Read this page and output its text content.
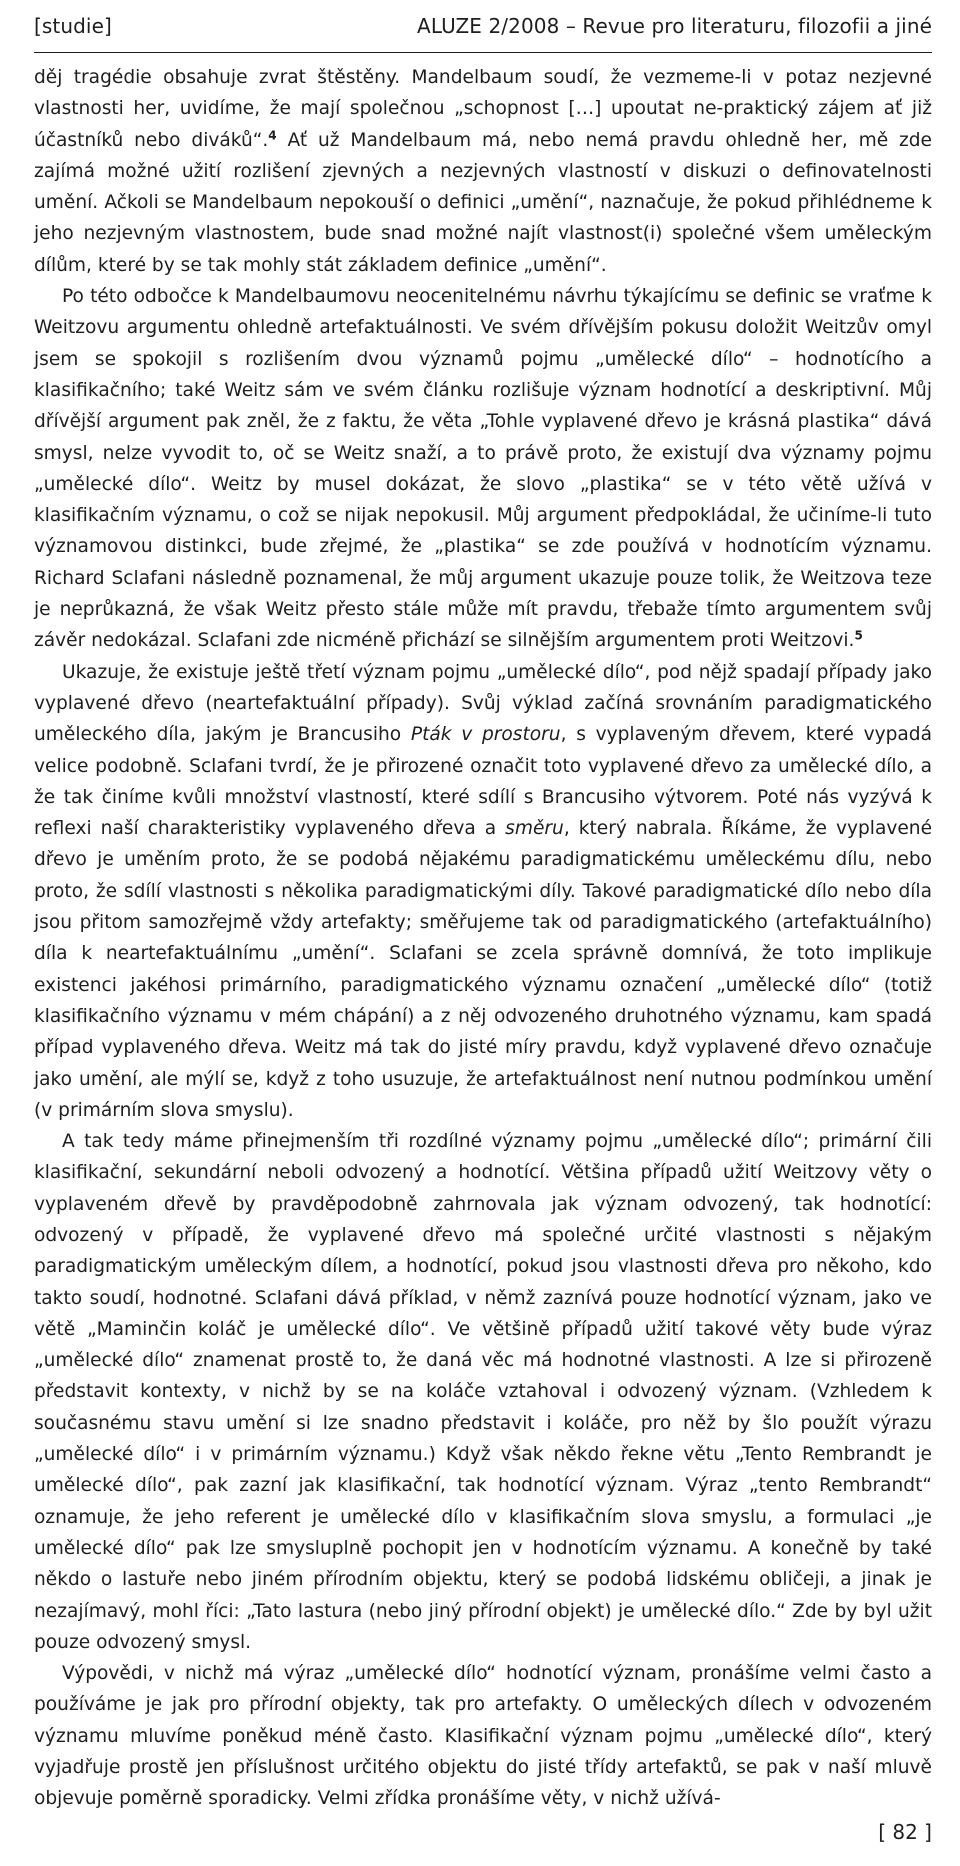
[studie]	ALUZE 2/2008 – Revue pro literaturu, filozofii a jiné

děj tragédie obsahuje zvrat štěstěny. Mandelbaum soudí, že vezmeme-li v potaz nezjevné vlastnosti her, uvidíme, že mají společnou „schopnost […] upoutat ne-praktický zájem ať již účastníků nebo diváků“.$^4$ Ať už Mandelbaum má, nebo nemá pravdu ohledně her, mě zde zajímá možné užití rozlišení zjevných a nezjevných vlastností v diskuzi o definovatelnosti umění. Ačkoli se Mandelbaum nepokouší o definici „umění“, naznačuje, že pokud přihlédneme k jeho nezjevným vlastnostem, bude snad možné najít vlastnost(i) společné všem uměleckým dílům, které by se tak mohly stát základem definice „umění“.

Po této odbočce k Mandelbaumovu neocenitelnému návrhu týkajícímu se definic se vraťme k Weitzovu argumentu ohledně artefaktuálnosti. Ve svém dřívějším pokusu doložit Weitzův omyl jsem se spokojil s rozlišením dvou významů pojmu „umělecké dílo“ – hodnotícího a klasifikačního; také Weitz sám ve svém článku rozlišuje význam hodnotící a deskriptivní. Můj dřívější argument pak zněl, že z faktu, že věta „Tohle vyplavené dřevo je krásná plastika“ dává smysl, nelze vyvodit to, oč se Weitz snaží, a to právě proto, že existují dva významy pojmu „umělecké dílo“. Weitz by musel dokázat, že slovo „plastika“ se v této větě užívá v klasifikačním významu, o což se nijak nepokusil. Můj argument předpokládal, že učiníme-li tuto významovou distinkci, bude zřejmé, že „plastika“ se zde používá v hodnotícím významu. Richard Sclafani následně poznamenal, že můj argument ukazuje pouze tolik, že Weitzova teze je neprůkazná, že však Weitz přesto stále může mít pravdu, třebaže tímto argumentem svůj závěr nedokázal. Sclafani zde nicméně přichází se silnějším argumentem proti Weitzovi.$^5$

Ukazuje, že existuje ještě třetí význam pojmu „umělecké dílo“, pod nějž spadají případy jako vyplavené dřevo (neartefaktuální případy). Svůj výklad začíná srovnáním paradigmatického uměleckého díla, jakým je Brancusiho Pták v prostoru, s vyplaveným dřevem, které vypadá velice podobně. Sclafani tvrdí, že je přirozené označit toto vyplavené dřevo za umělecké dílo, a že tak činíme kvůli množství vlastností, které sdílí s Brancusiho výtvorem. Poté nás vyzývá k reflexi naší charakteristiky vyplaveného dřeva a směru, který nabrala. Říkáme, že vyplavené dřevo je uměním proto, že se podobá nějakému paradigmatickému uměleckému dílu, nebo proto, že sdílí vlastnosti s několika paradigmatickými díly. Takové paradigmatické dílo nebo díla jsou přitom samozřejmě vždy artefakty; směřujeme tak od paradigmatického (artefaktuálního) díla k neartefaktuálnímu „umění“. Sclafani se zcela správně domnívá, že toto implikuje existenci jakéhosi primárního, paradigmatického významu označení „umělecké dílo“ (totiž klasifikačního významu v mém chápání) a z něj odvozeného druhotného významu, kam spadá případ vyplaveného dřeva. Weitz má tak do jisté míry pravdu, když vyplavené dřevo označuje jako umění, ale mýlí se, když z toho usuzuje, že artefaktuálnost není nutnou podmínkou umění (v primárním slova smyslu).

A tak tedy máme přinejmenším tři rozdílné významy pojmu „umělecké dílo“; primární čili klasifikační, sekundární neboli odvozený a hodnotící. Většina případů užití Weitzovy věty o vyplaveném dřevě by pravděpodobně zahrnovala jak význam odvozený, tak hodnotící: odvozený v případě, že vyplavené dřevo má společné určité vlastnosti s nějakým paradigmatickým uměleckým dílem, a hodnotící, pokud jsou vlastnosti dřeva pro někoho, kdo takto soudí, hodnotné. Sclafani dává příklad, v němž zaznívá pouze hodnotící význam, jako ve větě „Maminčin koláč je umělecké dílo“. Ve většině případů užití takové věty bude výraz „umělecké dílo“ znamenat prostě to, že daná věc má hodnotné vlastnosti. A lze si přirozeně představit kontexty, v nichž by se na koláče vztahoval i odvozený význam. (Vzhledem k současnému stavu umění si lze snadno představit i koláče, pro něž by šlo použít výrazu „umělecké dílo“ i v primárním významu.) Když však někdo řekne větu „Tento Rembrandt je umělecké dílo“, pak zazní jak klasifikační, tak hodnotící význam. Výraz „tento Rembrandt“ oznamuje, že jeho referent je umělecké dílo v klasifikačním slova smyslu, a formulaci „je umělecké dílo“ pak lze smysluplně pochopit jen v hodnotícím významu. A konečně by také někdo o lastuře nebo jiném přírodním objektu, který se podobá lidskému obličeji, a jinak je nezajímavý, mohl říci: „Tato lastura (nebo jiný přírodní objekt) je umělecké dílo.“ Zde by byl užit pouze odvozený smysl.

Výpovědi, v nichž má výraz „umělecké dílo“ hodnotící význam, pronášíme velmi často a používáme je jak pro přírodní objekty, tak pro artefakty. O uměleckých dílech v odvozeném významu mluvíme poněkud méně často. Klasifikační význam pojmu „umělecké dílo“, který vyjadřuje prostě jen příslušnost určitého objektu do jisté třídy artefaktů, se pak v naší mluvě objevuje poměrně sporadicky. Velmi zřídka pronášíme věty, v nichž užívá‑

[ 82 ]
